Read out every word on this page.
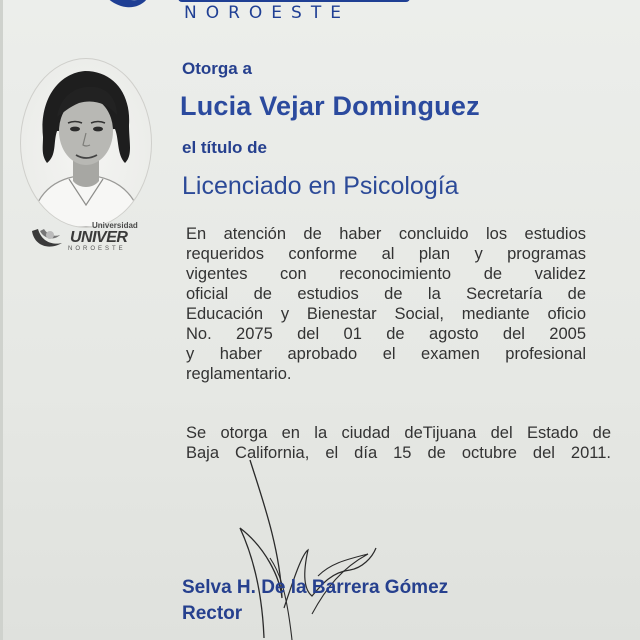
NOROESTE
Universidad
UNIVER
NOROESTE
Otorga a
Lucia Vejar Dominguez
el título de
Licenciado en Psicología
En atención de haber concluido los estudios
requeridos conforme al plan y programas
vigentes con reconocimiento de validez
oficial de estudios de la Secretaría de
Educación y Bienestar Social, mediante oficio
No. 2075 del 01 de agosto del 2005
y haber aprobado el examen profesional
reglamentario.
Se otorga en la ciudad deTijuana del Estado de
Baja California, el día 15 de octubre del 2011.
Selva H. De la Barrera Gómez
Rector
